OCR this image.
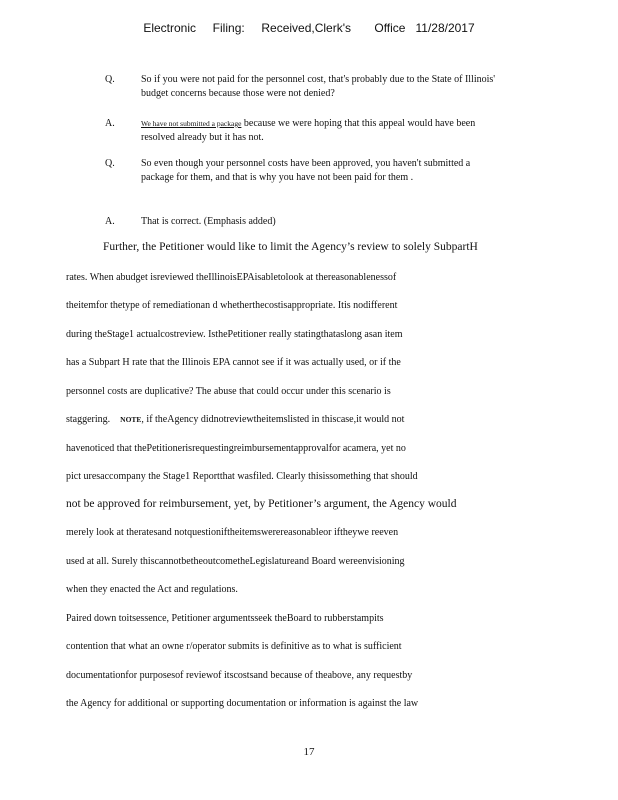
Electronic     Filing:     Received,Clerk's       Office   11/28/2017
Q.	So if you were not paid for the personnel cost, that's probably due to the State of Illinois' budget concerns because those were not denied?
A.	We have not submitted a package because we were hoping that this appeal would have been resolved already but it has not.
Q.	So even though your personnel costs have been approved, you haven't submitted a package for them, and that is why you have not been paid for them .
A.	That is correct. (Emphasis added)
Further, the Petitioner would like to limit the Agency’s review to solely SubpartH
rates. When abudget isreviewed theIllinoisEPAisabletolook at thereasonablenessof
theitemfor thetype of remediationan d whetherthecostisappropriate. Itis nodifferent
during theStage1 actualcostreview. IsthePetitioner really statingthataslong asan item
has a Subpart H rate that the Illinois EPA cannot see if it was actually used, or if the
personnel costs are duplicative? The abuse that could occur under this scenario is
staggering. NOTE, if theAgency didnotreviewtheitemslisted in thiscase,it would not
havenoticed that thePetitionerisrequestingreimbursementapprovalfor acamera, yet no
pict uresaccompany the Stage1 Reportthat wasfiled. Clearly thisissomething that should
not be approved for reimbursement, yet, by Petitioner’s argument, the Agency would
merely look at theratesand notquestioniftheitemswerereasonableor iftheywe reeven
used at all. Surely thiscannotbetheoutcometheLegislatureand Board wereenvisioning
when they enacted the Act and regulations.
Paired down toitsessence, Petitioner argumentsseek theBoard to rubberstampits
contention that what an owne r/operator submits is definitive as to what is sufficient
documentationfor purposesof reviewof itscostsand because of theabove, any requestby
the Agency for additional or supporting documentation or information is against the law
17
